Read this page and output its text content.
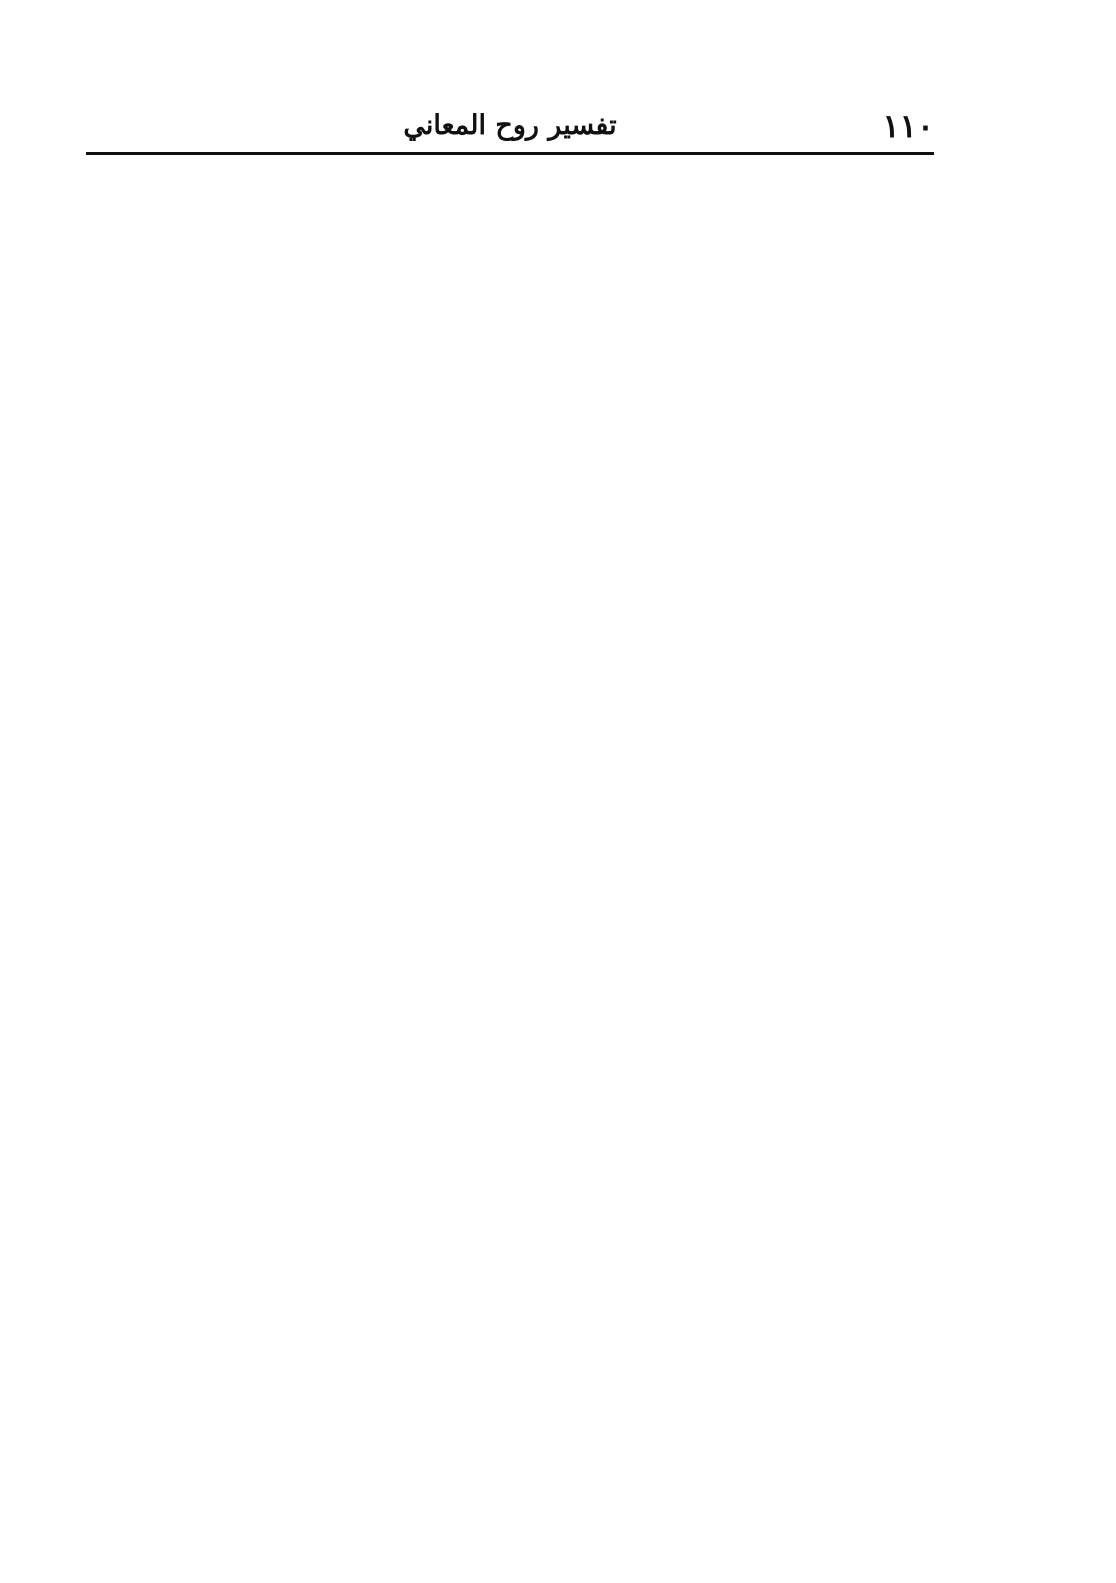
١١٠
تفسير روح المعاني
